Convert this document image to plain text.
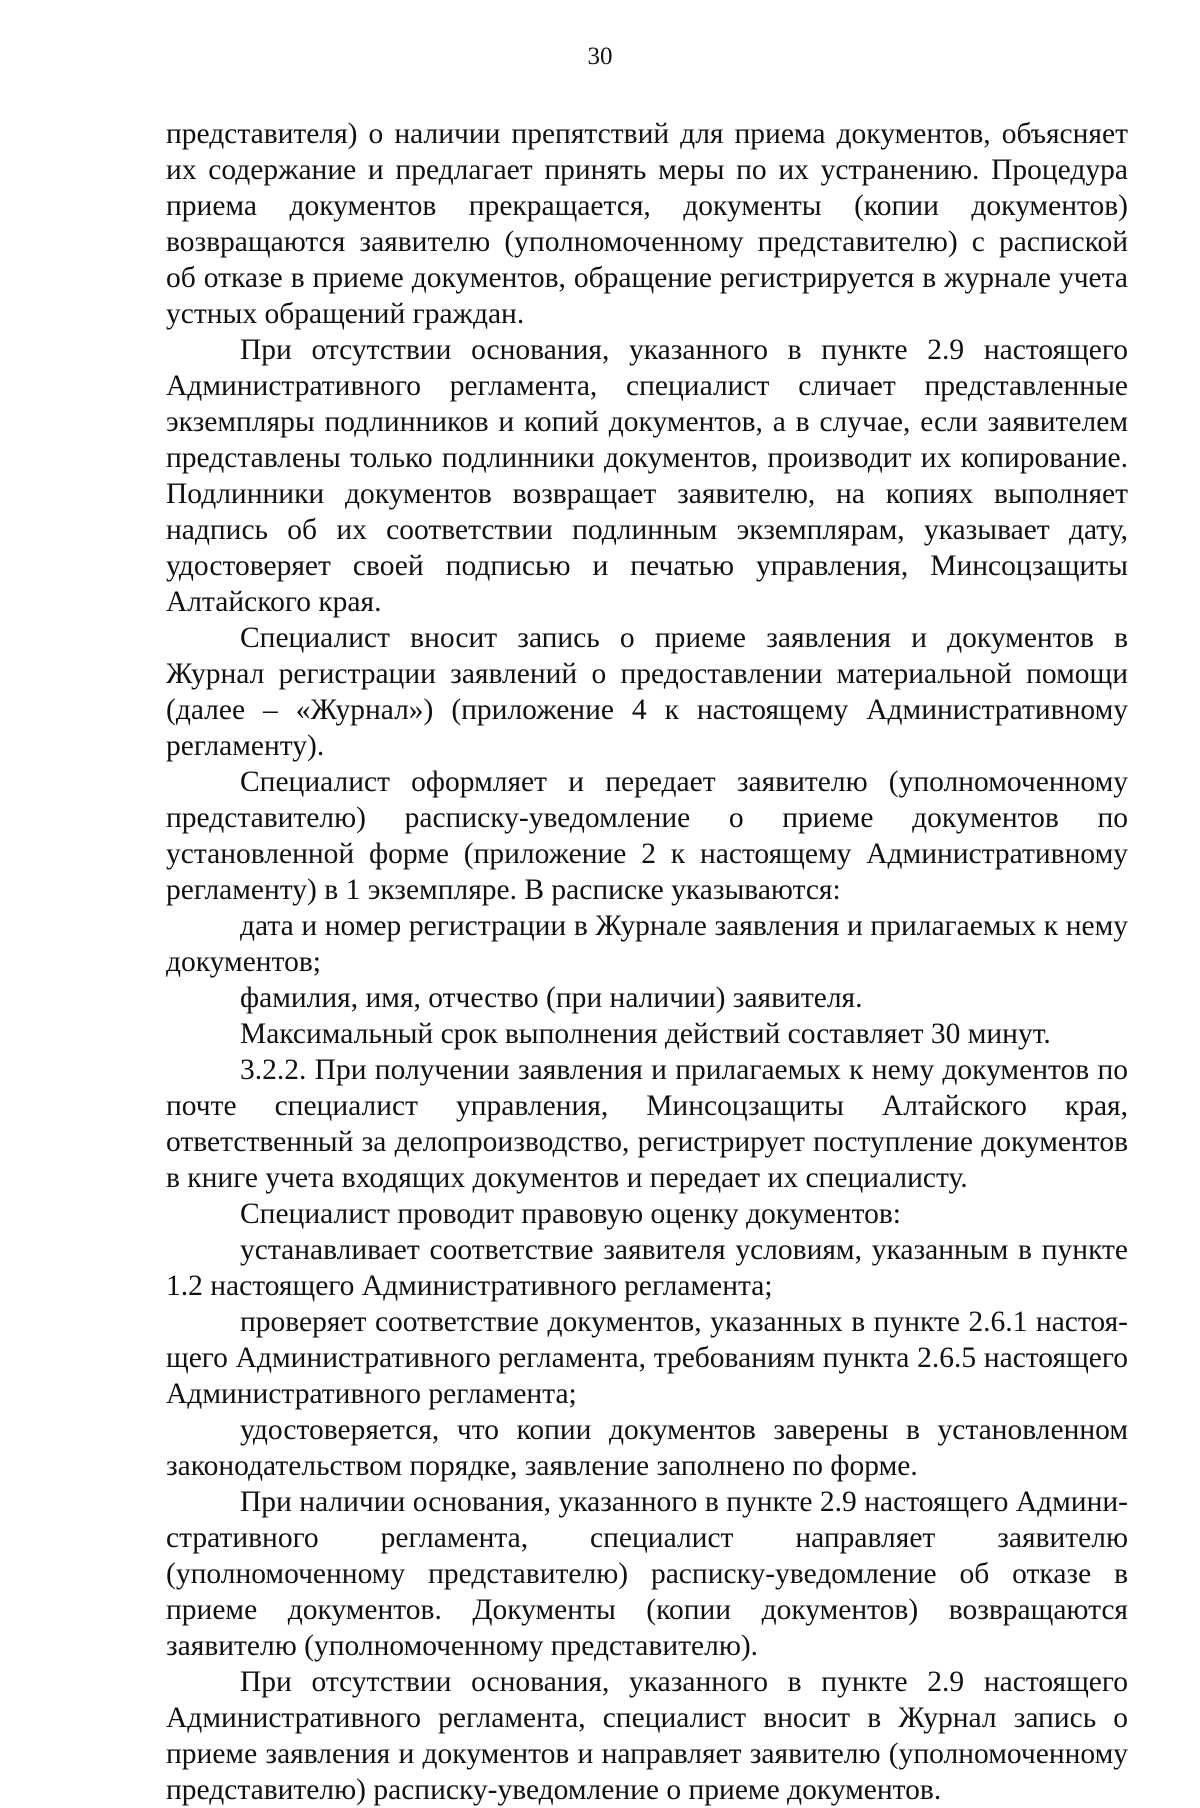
30

представителя) о наличии препятствий для приема документов, объясняет их содержание и предлагает принять меры по их устранению. Процедура приема документов прекращается, документы (копии документов) возвращаются заявителю (уполномоченному представителю) с распиской об отказе в приеме документов, обращение регистрируется в журнале учета устных обращений граждан.

При отсутствии основания, указанного в пункте 2.9 настоящего Административного регламента, специалист сличает представленные экземпляры подлинников и копий документов, а в случае, если заявителем представлены только подлинники документов, производит их копирование. Подлинники документов возвращает заявителю, на копиях выполняет надпись об их соответствии подлинным экземплярам, указывает дату, удостоверяет своей подписью и печатью управления, Минсоцзащиты Алтайского края.

Специалист вносит запись о приеме заявления и документов в Журнал регистрации заявлений о предоставлении материальной помощи (далее – «Журнал») (приложение 4 к настоящему Административному регламенту).

Специалист оформляет и передает заявителю (уполномоченному представителю) расписку-уведомление о приеме документов по установленной форме (приложение 2 к настоящему Административному регламенту) в 1 экземпляре. В расписке указываются:

дата и номер регистрации в Журнале заявления и прилагаемых к нему документов;

фамилия, имя, отчество (при наличии) заявителя.

Максимальный срок выполнения действий составляет 30 минут.

3.2.2. При получении заявления и прилагаемых к нему документов по почте специалист управления, Минсоцзащиты Алтайского края, ответственный за делопроизводство, регистрирует поступление документов в книге учета входящих документов и передает их специалисту.

Специалист проводит правовую оценку документов:

устанавливает соответствие заявителя условиям, указанным в пункте 1.2 настоящего Административного регламента;

проверяет соответствие документов, указанных в пункте 2.6.1 настоящего Административного регламента, требованиям пункта 2.6.5 настоящего Административного регламента;

удостоверяется, что копии документов заверены в установленном законодательством порядке, заявление заполнено по форме.

При наличии основания, указанного в пункте 2.9 настоящего Административного регламента, специалист направляет заявителю (уполномоченному представителю) расписку-уведомление об отказе в приеме документов. Документы (копии документов) возвращаются заявителю (уполномоченному представителю).

При отсутствии основания, указанного в пункте 2.9 настоящего Административного регламента, специалист вносит в Журнал запись о приеме заявления и документов и направляет заявителю (уполномоченному представителю) расписку-уведомление о приеме документов.
